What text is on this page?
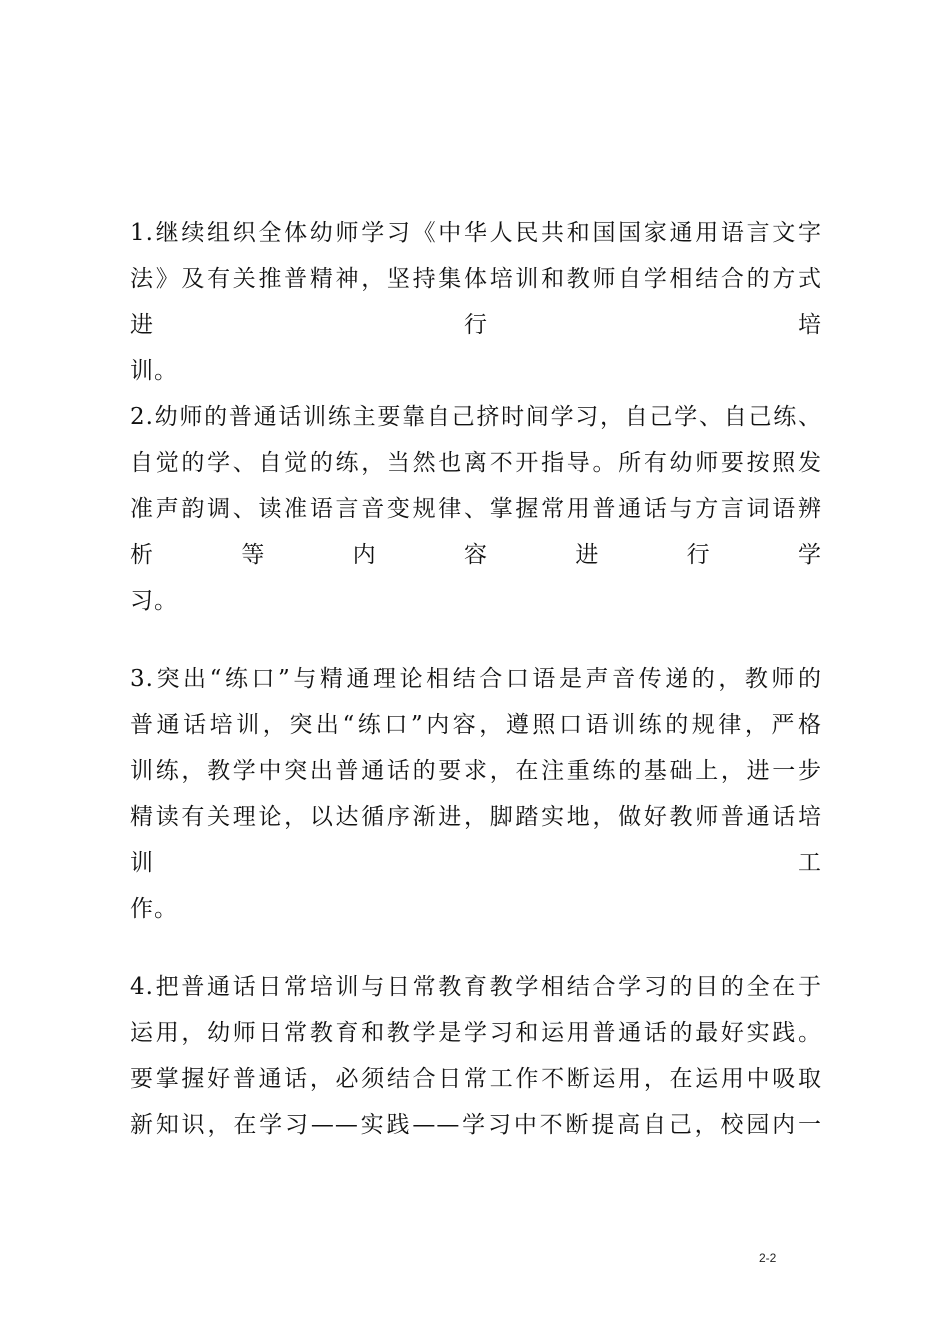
1.继续组织全体幼师学习《中华人民共和国国家通用语言文字
法》及有关推普精神，坚持集体培训和教师自学相结合的方式
进 行 培
训。
2.幼师的普通话训练主要靠自己挤时间学习，自己学、自己练、
自觉的学、自觉的练，当然也离不开指导。所有幼师要按照发
准声韵调、读准语言音变规律、掌握常用普通话与方言词语辨
析 等 内 容 进 行 学
习。
3.突出“练口”与精通理论相结合口语是声音传递的，教师的
普通话培训，突出“练口”内容，遵照口语训练的规律，严格
训练，教学中突出普通话的要求，在注重练的基础上，进一步
精读有关理论，以达循序渐进，脚踏实地，做好教师普通话培
训 工
作。
4.把普通话日常培训与日常教育教学相结合学习的目的全在于
运用，幼师日常教育和教学是学习和运用普通话的最好实践。
要掌握好普通话，必须结合日常工作不断运用，在运用中吸取
新知识，在学习——实践——学习中不断提高自己，校园内一
2-2
